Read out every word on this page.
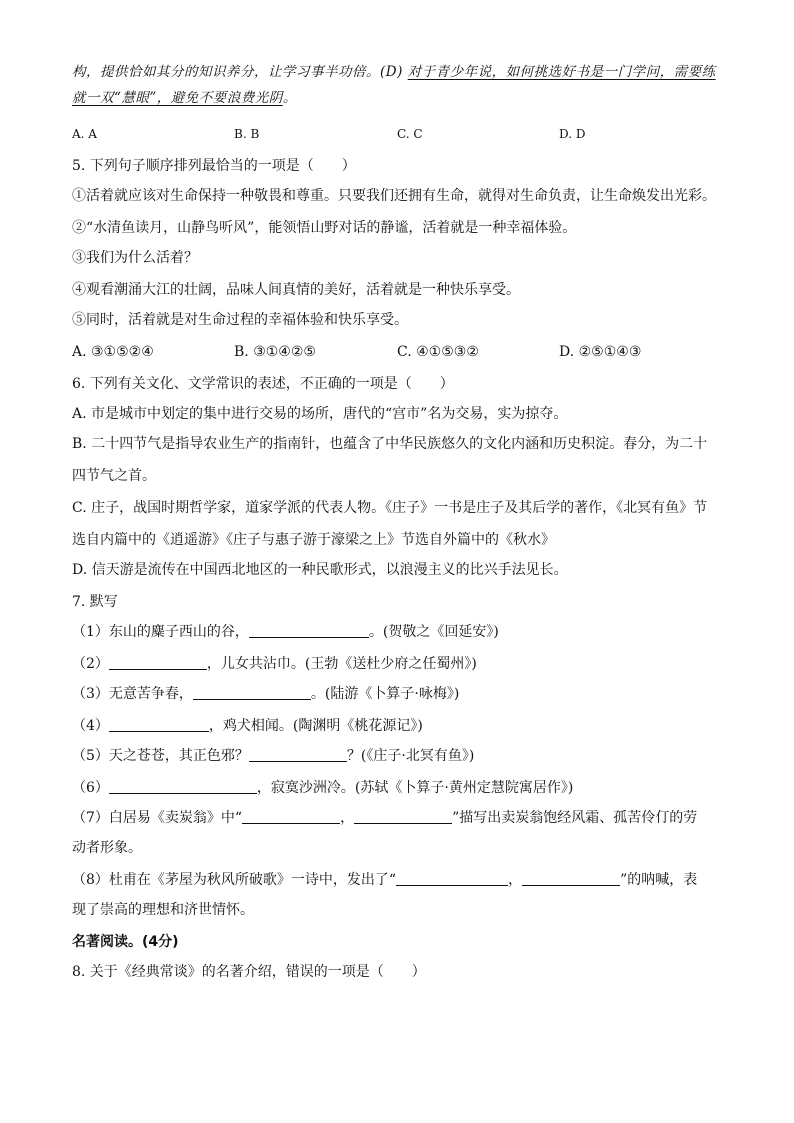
构，提供恰如其分的知识养分，让学习事半功倍。(D) 对于青少年说，如何挑选好书是一门学问，需要练
就一双“慧眼”，避免不要浪费光阴。
A. A	B. B	C. C	D. D
5. 下列句子顺序排列最恰当的一项是（　　）
①活着就应该对生命保持一种敬畏和尊重。只要我们还拥有生命，就得对生命负责，让生命焕发出光彩。
②“水清鱼读月，山静鸟听风”，能领悟山野对话的静谧，活着就是一种幸福体验。
③我们为什么活着？
④观看潮涌大江的壮阔，品味人间真情的美好，活着就是一种快乐享受。
⑤同时，活着就是对生命过程的幸福体验和快乐享受。
A. ③①⑤②④	B. ③①④②⑤	C. ④①⑤③②	D. ②⑤①④③
6. 下列有关文化、文学常识的表述，不正确的一项是（　　）
A. 市是城市中划定的集中进行交易的场所，唐代的“宫市”名为交易，实为掠夺。
B. 二十四节气是指导农业生产的指南针，也蕴含了中华民族悠久的文化内涵和历史积淀。春分，为二十
四节气之首。
C. 庄子，战国时期哲学家，道家学派的代表人物。《庄子》一书是庄子及其后学的著作，《北冥有鱼》节
选自内篇中的《逍遥游》《庄子与惠子游于濠梁之上》节选自外篇中的《秋水》
D. 信天游是流传在中国西北地区的一种民歌形式，以浪漫主义的比兴手法见长。
7. 默写
（1）东山的麋子西山的谷，	。(贺敬之《回延安》)
（2）	，儿女共沾巾。(王勃《送杜少府之任蜀州》)
（3）无意苦争春，	。(陆游《卜算子·咏梅》)
（4）	，鸡犬相闻。(陶渊明《桃花源记》)
（5）天之苍苍，其正色邪？	？(《庄子·北冥有鱼》)
（6）	，寂寞沙洲冷。(苏轼《卜算子·黄州定慧院寓居作》)
（7）白居易《卖炭翁》中“	，	”描写出卖炭翁饱经风霜、孤苦伶仃的劳
动者形象。
（8）杜甫在《茅屋为秋风所破歌》一诗中，发出了“	，	”的呐喊，表
现了崇高的理想和济世情怀。
名著阅读。(4分)
8. 关于《经典常谈》的名著介绍，错误的一项是（　　）
